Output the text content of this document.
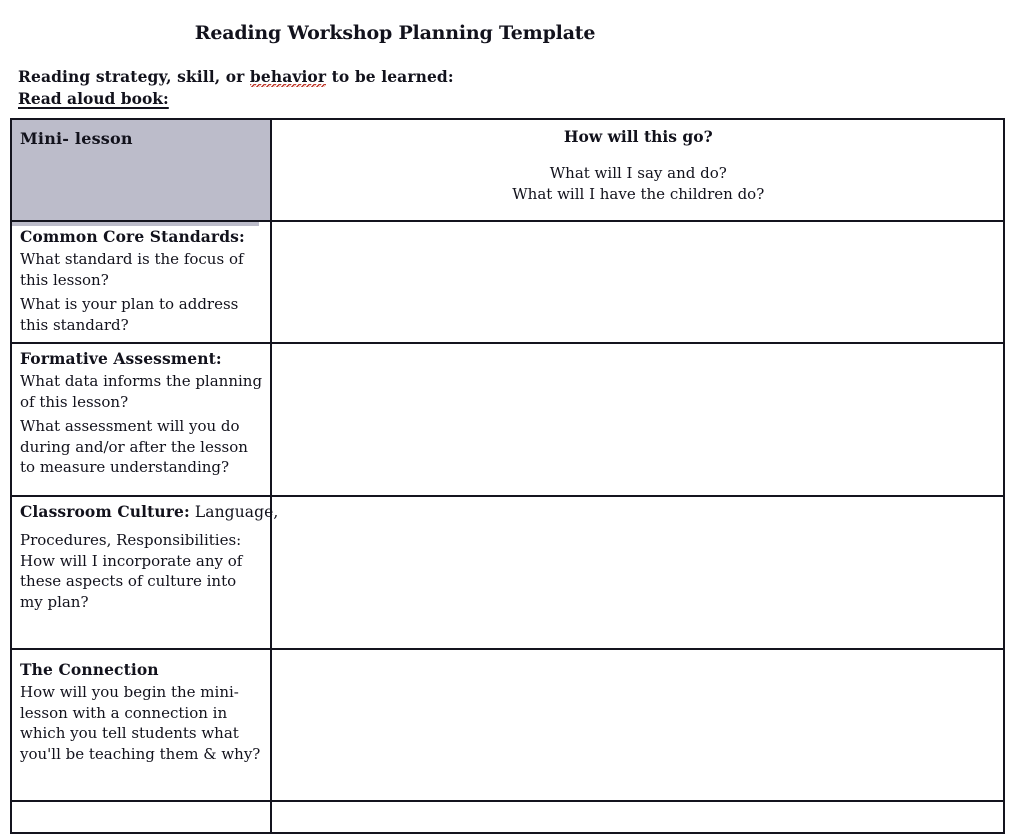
Reading Workshop Planning Template
Reading strategy, skill, or behavior to be learned:
Read aloud book:
Mini- lesson	How will this go?
What will I say and do?
What will I have the children do?

Common Core Standards:

What standard is the focus of this lesson?

What is your plan to address this standard?	

Formative Assessment:

What data informs the planning of this lesson?

What assessment will you do during and/or after the lesson to measure understanding?	

Classroom Culture: Language,

Procedures, Responsibilities: How will I incorporate any of these aspects of culture into my plan?	

The Connection

How will you begin the mini-lesson with a connection in which you tell students what you'll be teaching them & why?	
